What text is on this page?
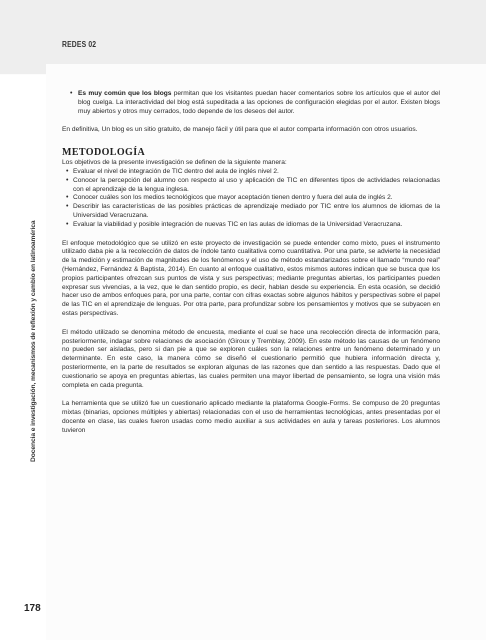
REDES 02
Docencia e investigación, mecanismos de reflexión y cambio en latinoamérica
178
• Es muy común que los blogs permitan que los visitantes puedan hacer comentarios sobre los artículos que el autor del blog cuelga. La interactividad del blog está supeditada a las opciones de configuración elegidas por el autor. Existen blogs muy abiertos y otros muy cerrados, todo depende de los deseos del autor.

En definitiva, Un blog es un sitio gratuito, de manejo fácil y útil para que el autor comparta información con otros usuarios.

METODOLOGÍA

Los objetivos de la presente investigación se definen de la siguiente manera:

• Evaluar el nivel de integración de TIC dentro del aula de inglés nivel 2.
• Conocer la percepción del alumno con respecto al uso y aplicación de TIC en diferentes tipos de actividades relacionadas con el aprendizaje de la lengua inglesa.
• Conocer cuáles son los medios tecnológicos que mayor aceptación tienen dentro y fuera del aula de inglés 2.
• Describir las características de las posibles prácticas de aprendizaje mediado por TIC entre los alumnos de idiomas de la Universidad Veracruzana.
• Evaluar la viabilidad y posible integración de nuevas TIC en las aulas de idiomas de la Universidad Veracruzana.

El enfoque metodológico que se utilizó en este proyecto de investigación se puede entender como mixto, pues el instrumento utilizado daba pie a la recolección de datos de índole tanto cualitativa como cuantitativa. Por una parte, se advierte la necesidad de la medición y estimación de magnitudes de los fenómenos y el uso de método estandarizados sobre el llamado “mundo real” (Hernández, Fernández & Baptista, 2014). En cuanto al enfoque cualitativo, estos mismos autores indican que se busca que los propios participantes ofrezcan sus puntos de vista y sus perspectivas; mediante preguntas abiertas, los participantes pueden expresar sus vivencias, a la vez, que le dan sentido propio, es decir, hablan desde su experiencia. En esta ocasión, se decidió hacer uso de ambos enfoques para, por una parte, contar con cifras exactas sobre algunos hábitos y perspectivas sobre el papel de las TIC en el aprendizaje de lenguas. Por otra parte, para profundizar sobre los pensamientos y motivos que se subyacen en estas perspectivas.

El método utilizado se denomina método de encuesta, mediante el cual se hace una recolección directa de información para, posteriormente, indagar sobre relaciones de asociación (Giroux y Tremblay, 2009). En este método las causas de un fenómeno no pueden ser aisladas, pero si dan pie a que se exploren cuáles son la relaciones entre un fenómeno determinado y un determinante. En este caso, la manera cómo se diseñó el cuestionario permitió que hubiera información directa y, posteriormente, en la parte de resultados se exploran algunas de las razones que dan sentido a las respuestas. Dado que el cuestionario se apoya en preguntas abiertas, las cuales permiten una mayor libertad de pensamiento, se logra una visión más completa en cada pregunta.

La herramienta que se utilizó fue un cuestionario aplicado mediante la plataforma Google-Forms. Se compuso de 20 preguntas mixtas (binarias, opciones múltiples y abiertas) relacionadas con el uso de herramientas tecnológicas, antes presentadas por el docente en clase, las cuales fueron usadas como medio auxiliar a sus actividades en aula y tareas posteriores. Los alumnos tuvieron
